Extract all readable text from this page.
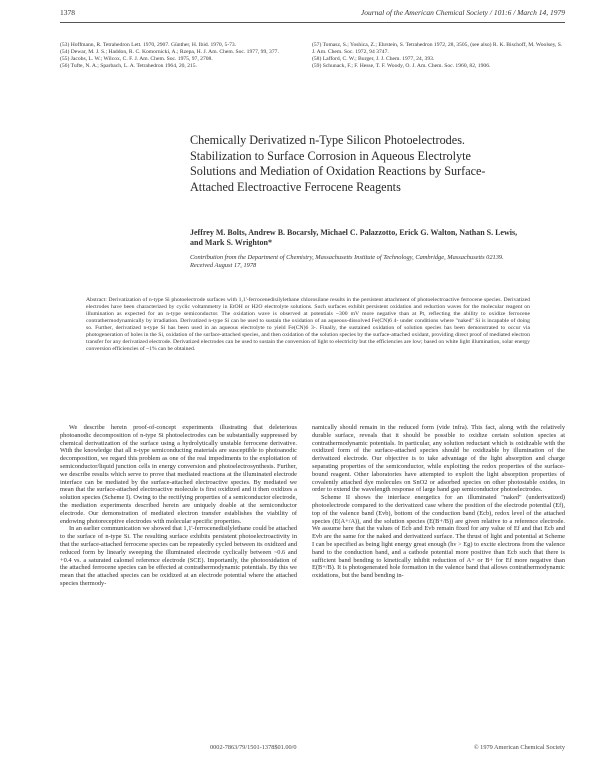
1378	Journal of the American Chemical Society / 101:6 / March 14, 1979

(53) Hoffmann, R. Tetrahedron Lett. 1970, 2907. Günther, H. Ibid. 1970, 5-73.

(54) Dewar, M. J. S.; Haddon, R. C. Komornicki, A.; Rzepa, H. J. Am. Chem. Soc. 1977, 99, 377.

(55) Jacobs, L. W.; Wilcox, C. F. J. Am. Chem. Soc. 1975, 97, 2708.

(56) Tufte, N. A.; Sparbach, L. A. Tetrahedron 1964, 20, 215.

(57) Tomasz, S.; Yoshica, Z.; Ehrstein, S. Tetrahedron 1972, 28, 3505, (see also) R. K. Bischoff, M. Woolsey, S. J. Am. Chem. Soc. 1972, 94 3747.

(58) Lafford, C. W.; Burger, J. J. Chem. 1977, 24, 393.

(59) Schunack, F.; F. Hesse, T. F. Woody, O. J. Am. Chem. Soc. 1960, 82, 1906.

Chemically Derivatized n-Type Silicon Photoelectrodes. Stabilization to Surface Corrosion in Aqueous Electrolyte Solutions and Mediation of Oxidation Reactions by Surface-Attached Electroactive Ferrocene Reagents
Jeffrey M. Bolts, Andrew B. Bocarsly, Michael C. Palazzotto, Erick G. Walton, Nathan S. Lewis, and Mark S. Wrighton*
Contribution from the Department of Chemistry, Massachusetts Institute of Technology, Cambridge, Massachusetts 02139. Received August 17, 1978
Abstract: Derivatization of n-type Si photoelectrode surfaces with 1,1'-ferrocenedisilylethane chlorosilane results in the persistent attachment of photoelectroactive ferrocene species. Derivatized electrodes have been characterized by cyclic voltammetry in EtOH or H2O electrolyte solutions. Such surfaces exhibit persistent oxidation and reduction waves for the molecular reagent on illumination as expected for an n-type semiconductor. The oxidation wave is observed at potentials ~300 mV more negative than at Pt, reflecting the ability to oxidize ferrocene contrathermodynamically by irradiation. Derivatized n-type Si can be used to sustain the oxidation of an aqueous-dissolved Fe(CN)6 4- under conditions where "naked" Si is incapable of doing so. Further, derivatized n-type Si has been used in an aqueous electrolyte to yield Fe(CN)6 3-. Finally, the sustained oxidation of solution species has been demonstrated to occur via photogeneration of holes in the Si, oxidation of the surface-attached species, and then oxidation of the solution species by the surface-attached oxidant, providing direct proof of mediated electron transfer for any derivatized electrode. Derivatized electrodes can be used to sustain the conversion of light to electricity but the efficiencies are low; based on white light illumination, solar energy conversion efficiencies of ~1% can be obtained.

We describe herein proof-of-concept experiments illustrating that deleterious photoanodic decomposition of n-type Si photoelectrodes can be substantially suppressed by chemical derivatization of the surface using a hydrolytically unstable ferrocene derivative. With the knowledge that all n-type semiconducting materials are susceptible to photoanodic decomposition, we regard this problem as one of the real impediments to the exploitation of semiconductor/liquid junction cells in energy conversion and photoelectrosynthesis. Further, we describe results which serve to prove that mediated reactions at the illuminated electrode interface can be mediated by the surface-attached electroactive species. By mediated we mean that the surface-attached electroactive molecule is first oxidized and it then oxidizes a solution species (Scheme I). Owing to the rectifying properties of a semiconductor electrode, the mediation experiments described herein are uniquely doable at the semiconductor electrode. Our demonstration of mediated electron transfer establishes the viability of endowing photoreceptive electrodes with molecular specific properties.

In an earlier communication we showed that 1,1'-ferrocenedisilylethane could be attached to the surface of n-type Si. The resulting surface exhibits persistent photoelectroactivity in that the surface-attached ferrocene species can be repeatedly cycled between its oxidized and reduced form by linearly sweeping the illuminated electrode cyclically between ~0.6 and +0.4 vs. a saturated calomel reference electrode (SCE). Importantly, the photooxidation of the attached ferrocene species can be effected at contrathermodynamic potentials. By this we mean that the attached species can be oxidized at an electrode potential where the attached species thermody-

namically should remain in the reduced form (vide infra). This fact, along with the relatively durable surface, reveals that it should be possible to oxidize certain solution species at contrathermodynamic potentials. In particular, any solution reductant which is oxidizable with the oxidized form of the surface-attached species should be oxidizable by illumination of the derivatized electrode. Our objective is to take advantage of the light absorption and charge separating properties of the semiconductor, while exploiting the redox properties of the surface-bound reagent. Other laboratories have attempted to exploit the light absorption properties of covalently attached dye molecules on SnO2 or adsorbed species on other photostable oxides, in order to extend the wavelength response of large band gap semiconductor photoelectrodes.

Scheme II shows the interface energetics for an illuminated "naked" (underivatized) photoelectrode compared to the derivatized case where the position of the electrode potential (Ef), top of the valence band (Evb), bottom of the conduction band (Ecb), redox level of the attached species (E(A+/A)), and the solution species (E(B+/B)) are given relative to a reference electrode. We assume here that the values of Ecb and Evb remain fixed for any value of Ef and that Ecb and Evb are the same for the naked and derivatized surface. The thrust of light and potential at Scheme I can be specified as being light energy great enough (hν > Eg) to excite electrons from the valence band to the conduction band, and a cathode potential more positive than Ecb such that there is sufficient band bending to kinetically inhibit reduction of A+ or B+ for Ef more negative than E(B+/B). It is photogenerated hole formation in the valence band that allows contrathermodynamic oxidations, but the band bending in-

0002-7863/79/1501-1378$01.00/0	© 1979 American Chemical Society
